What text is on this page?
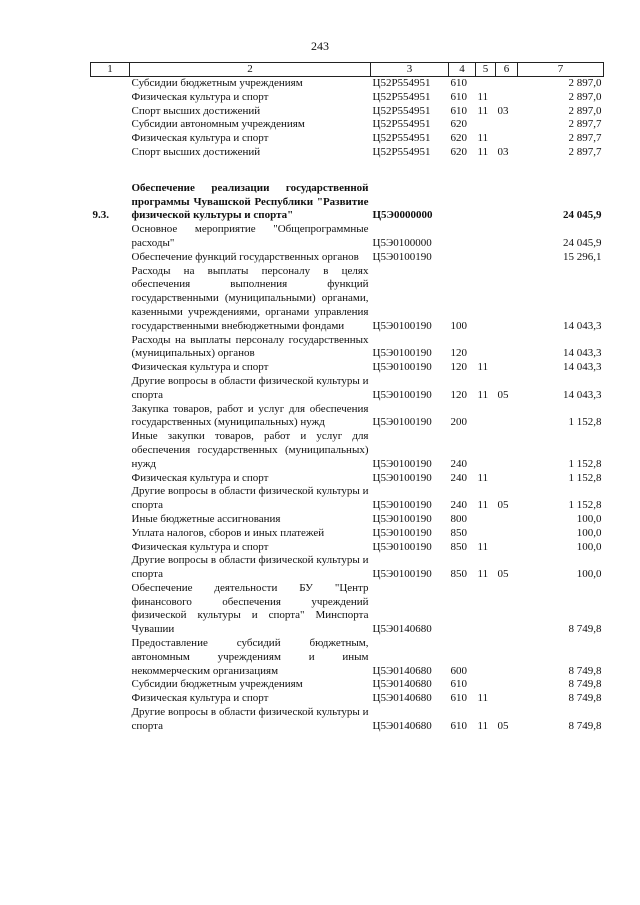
243
1	2	3	4	5	6	7
	Субсидии бюджетным учреждениям	Ц52Р554951	610			2 897,0
	Физическая культура и спорт	Ц52Р554951	610	11		2 897,0
	Спорт высших достижений	Ц52Р554951	610	11	03	2 897,0
	Субсидии автономным учреждениям	Ц52Р554951	620			2 897,7
	Физическая культура и спорт	Ц52Р554951	620	11		2 897,7
	Спорт высших достижений	Ц52Р554951	620	11	03	2 897,7

9.3.	Обеспечение реализации государственной программы Чувашской Республики "Развитие физической культуры и спорта"	Ц5Э0000000				24 045,9
	Основное мероприятие "Общепрограммные расходы"	Ц5Э0100000				24 045,9
	Обеспечение функций государственных органов	Ц5Э0100190				15 296,1
	Расходы на выплаты персоналу в целях обеспечения выполнения функций государственными (муниципальными) органами, казенными учреждениями, органами управления государственными внебюджетными фондами	Ц5Э0100190	100			14 043,3
	Расходы на выплаты персоналу государственных (муниципальных) органов	Ц5Э0100190	120			14 043,3
	Физическая культура и спорт	Ц5Э0100190	120	11		14 043,3
	Другие вопросы в области физической культуры и спорта	Ц5Э0100190	120	11	05	14 043,3
	Закупка товаров, работ и услуг для обеспечения государственных (муниципальных) нужд	Ц5Э0100190	200			1 152,8
	Иные закупки товаров, работ и услуг для обеспечения государственных (муниципальных) нужд	Ц5Э0100190	240			1 152,8
	Физическая культура и спорт	Ц5Э0100190	240	11		1 152,8
	Другие вопросы в области физической культуры и спорта	Ц5Э0100190	240	11	05	1 152,8
	Иные бюджетные ассигнования	Ц5Э0100190	800			100,0
	Уплата налогов, сборов и иных платежей	Ц5Э0100190	850			100,0
	Физическая культура и спорт	Ц5Э0100190	850	11		100,0
	Другие вопросы в области физической культуры и спорта	Ц5Э0100190	850	11	05	100,0
	Обеспечение деятельности БУ "Центр финансового обеспечения учреждений физической культуры и спорта" Минспорта Чувашии	Ц5Э0140680				8 749,8
	Предоставление субсидий бюджетным, автономным учреждениям и иным некоммерческим организациям	Ц5Э0140680	600			8 749,8
	Субсидии бюджетным учреждениям	Ц5Э0140680	610			8 749,8
	Физическая культура и спорт	Ц5Э0140680	610	11		8 749,8
	Другие вопросы в области физической культуры и спорта	Ц5Э0140680	610	11	05	8 749,8
